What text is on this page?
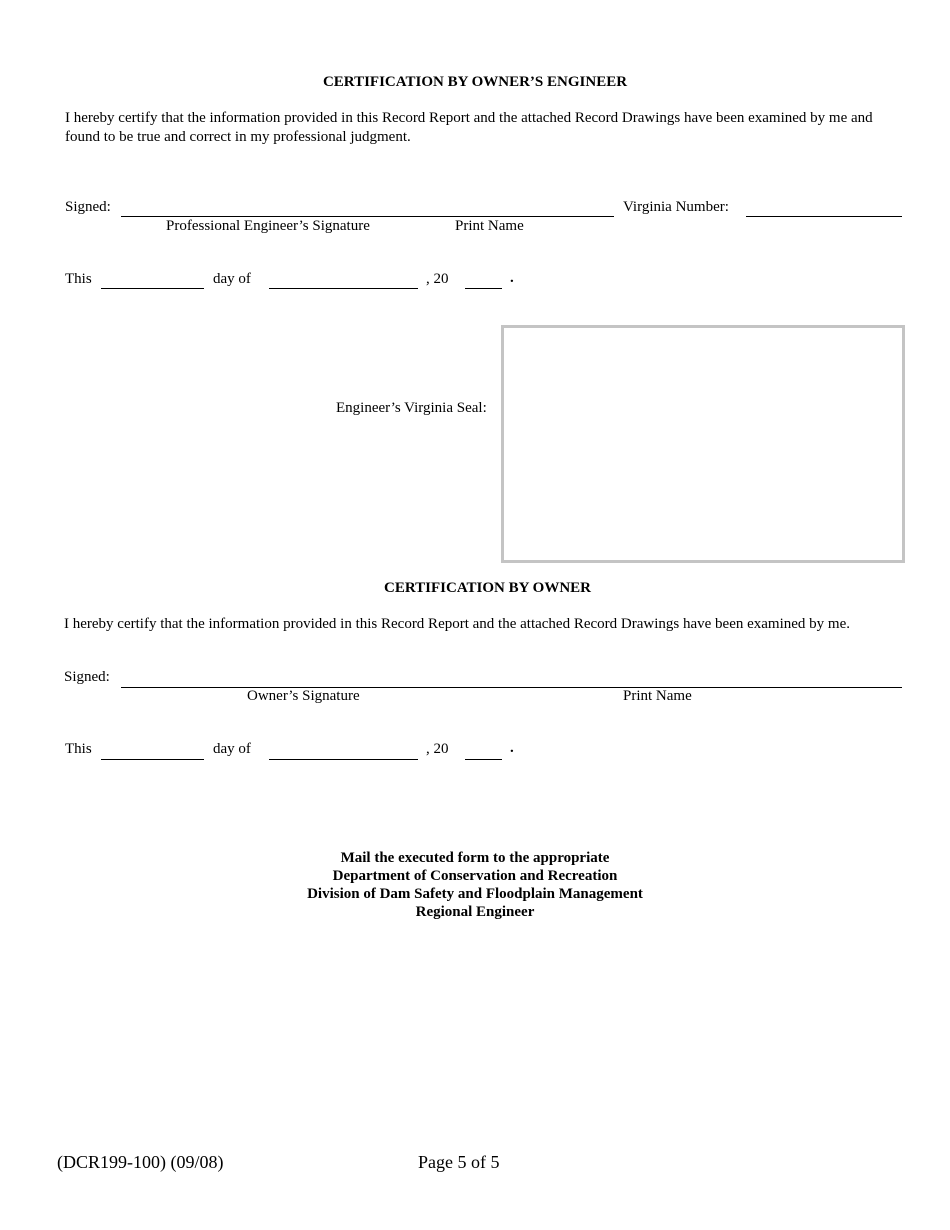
CERTIFICATION BY OWNER’S ENGINEER
I hereby certify that the information provided in this Record Report and the attached Record Drawings have been examined by me and found to be true and correct in my professional judgment.
Signed:
Professional Engineer’s Signature	Print Name
Virginia Number:
This	day of	, 20	.
Engineer’s Virginia Seal:
CERTIFICATION BY OWNER
I hereby certify that the information provided in this Record Report and the attached Record Drawings have been examined by me.
Signed:
Owner’s Signature	Print Name
This	day of	, 20	.
Mail the executed form to the appropriate
Department of Conservation and Recreation
Division of Dam Safety and Floodplain Management
Regional Engineer
(DCR199-100) (09/08)	Page 5 of 5
